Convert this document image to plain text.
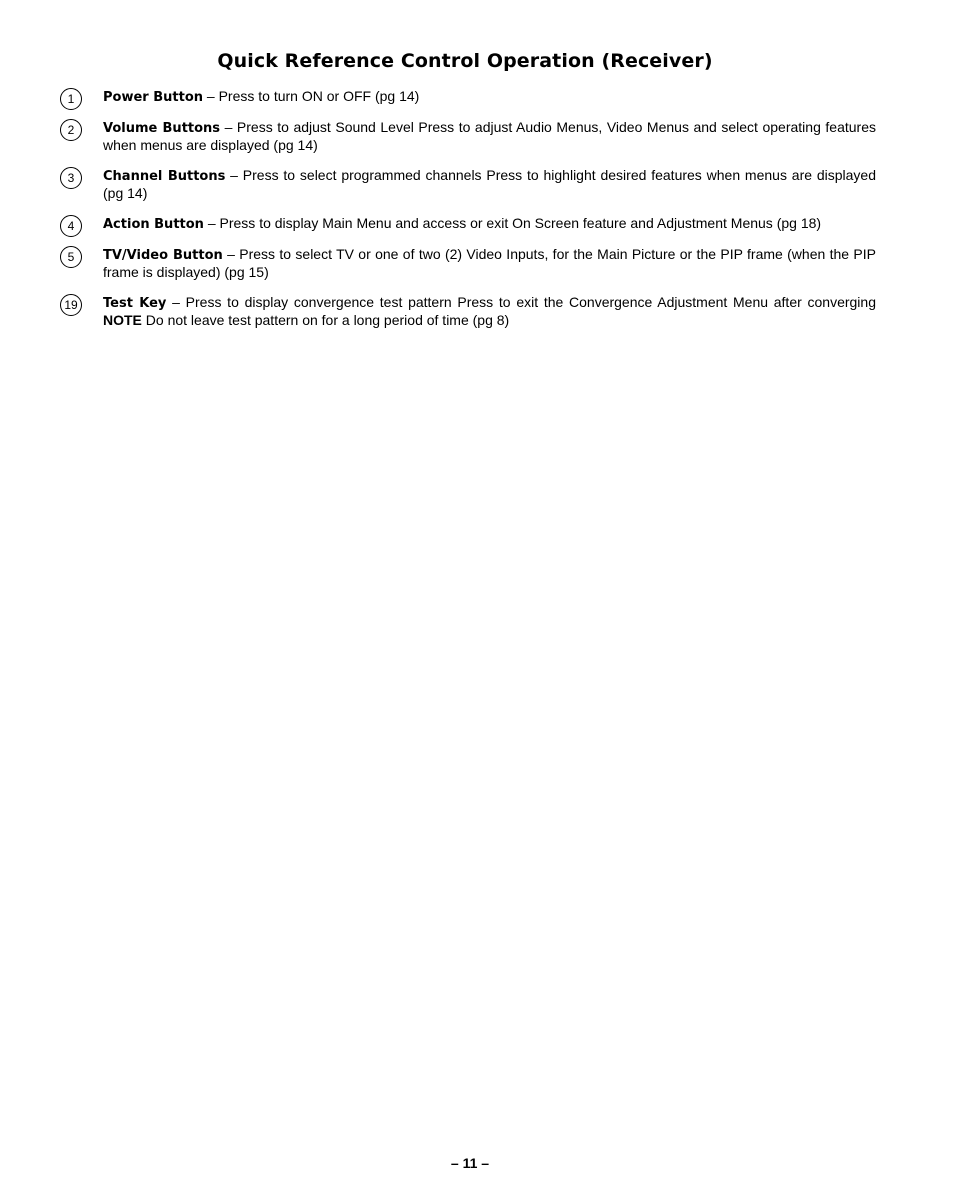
Quick Reference Control Operation (Receiver)
1	Power Button – Press to turn ON or OFF (pg 14)
2	Volume Buttons – Press to adjust Sound Level Press to adjust Audio Menus, Video Menus and select operating features when menus are displayed (pg 14)
3	Channel Buttons – Press to select programmed channels Press to highlight desired features when menus are displayed (pg 14)
4	Action Button – Press to display Main Menu and access or exit On Screen feature and Adjustment Menus (pg 18)
5	TV/Video Button – Press to select TV or one of two (2) Video Inputs, for the Main Picture or the PIP frame (when the PIP frame is displayed) (pg 15)
19	Test Key – Press to display convergence test pattern Press to exit the Convergence Adjustment Menu after converging NOTE Do not leave test pattern on for a long period of time (pg 8)
– 11 –
